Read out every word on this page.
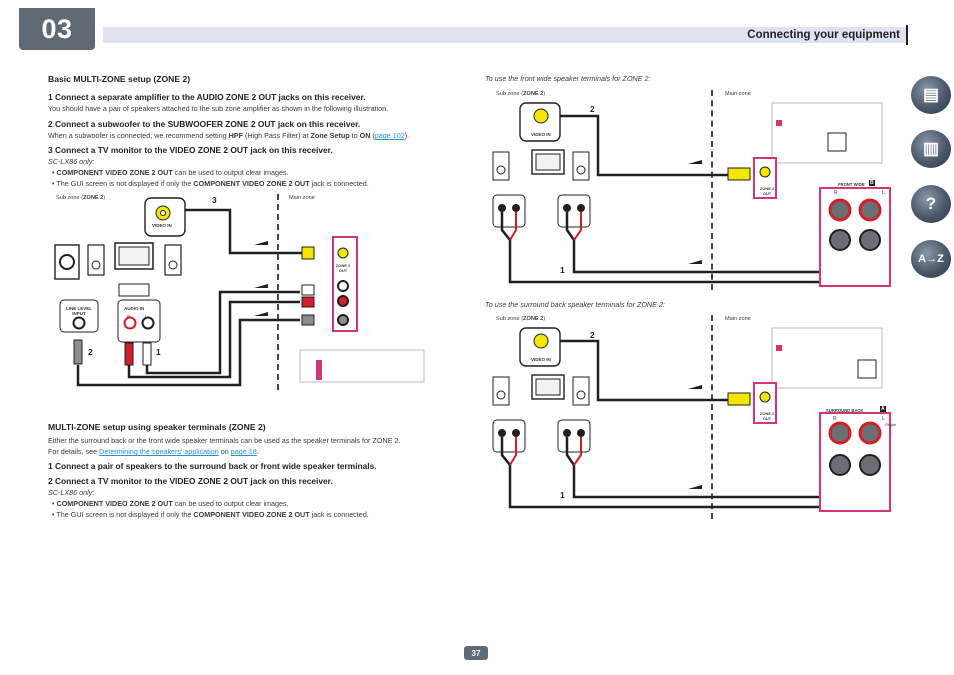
03	Connecting your equipment
▤
▥
?
A→Z
Basic MULTI-ZONE setup (ZONE 2)
1 Connect a separate amplifier to the AUDIO ZONE 2 OUT jacks on this receiver.
You should have a pair of speakers attached to the sub zone amplifier as shown in the following illustration.
2 Connect a subwoofer to the SUBWOOFER ZONE 2 OUT jack on this receiver.
When a subwoofer is connected, we recommend setting HPF (High Pass Filter) at Zone Setup to ON (page 102).
3 Connect a TV monitor to the VIDEO ZONE 2 OUT jack on this receiver.
SC-LX86 only:
• COMPONENT VIDEO ZONE 2 OUT can be used to output clear images.
• The GUI screen is not displayed if only the COMPONENT VIDEO ZONE 2 OUT jack is connected.
Sub zone (ZONE 2)	Main zone
VIDEO IN
LINE LEVEL INPUT
AUDIO IN
R	L
ZONE 2 OUT
2	1
3
MULTI-ZONE setup using speaker terminals (ZONE 2)
Either the surround back or the front wide speaker terminals can be used as the speaker terminals for ZONE 2.
For details, see Determining the speakers' application on page 18.
1 Connect a pair of speakers to the surround back or front wide speaker terminals.
2 Connect a TV monitor to the VIDEO ZONE 2 OUT jack on this receiver.
SC-LX86 only:
• COMPONENT VIDEO ZONE 2 OUT can be used to output clear images.
• The GUI screen is not displayed if only the COMPONENT VIDEO ZONE 2 OUT jack is connected.
To use the front wide speaker terminals for ZONE 2:
Sub zone (ZONE 2)	Main zone
VIDEO IN
ZONE 2 OUT
FRONT WIDE B
R	L
2
1
To use the surround back speaker terminals for ZONE 2:
Sub zone (ZONE 2)	Main zone
VIDEO IN
ZONE 2 OUT
SURROUND BACK	A
R	L
Single
2
1
37
